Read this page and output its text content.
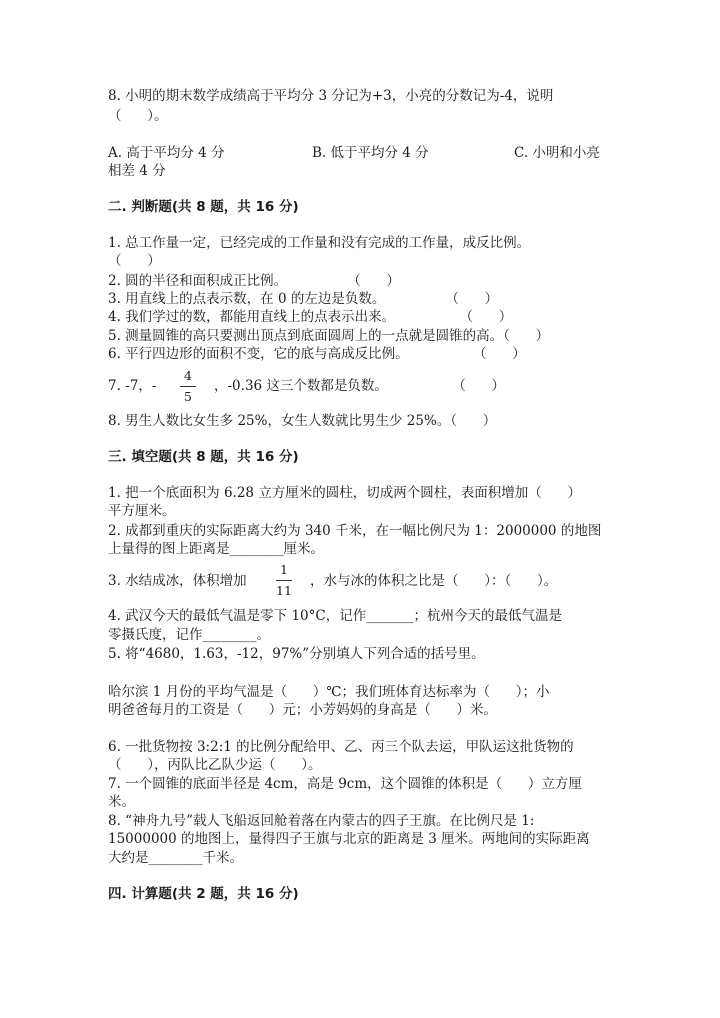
8. 小明的期末数学成绩高于平均分 3 分记为+3，小亮的分数记为-4，说明
（      ）。
A. 高于平均分 4 分	B. 低于平均分 4 分	C. 小明和小亮
相差 4 分
二. 判断题(共 8 题，共 16 分)
1. 总工作量一定，已经完成的工作量和没有完成的工作量，成反比例。
（      ）
2. 圆的半径和面积成正比例。              （      ）
3. 用直线上的点表示数，在 0 的左边是负数。              （      ）
4. 我们学过的数，都能用直线上的点表示出来。               （      ）
5. 测量圆锥的高只要测出顶点到底面圆周上的一点就是圆锥的高。（      ）
6. 平行四边形的面积不变，它的底与高成反比例。               （      ）
7. -7，-
4
5
，-0.36 这三个数都是负数。               （      ）
8. 男生人数比女生多 25%，女生人数就比男生少 25%。（      ）
三. 填空题(共 8 题，共 16 分)
1. 把一个底面积为 6.28 立方厘米的圆柱，切成两个圆柱，表面积增加（      ）
平方厘米。
2. 成都到重庆的实际距离大约为 340 千米，在一幅比例尺为 1：2000000 的地图
上量得的图上距离是________厘米。
3. 水结成冰，体积增加
1
11
，水与冰的体积之比是（      ）：（      ）。
4. 武汉今天的最低气温是零下 10°C，记作_______；杭州今天的最低气温是
零摄氏度，记作________。
5. 将“4680，1.63，-12，97%”分别填人下列合适的括号里。
哈尔滨 1 月份的平均气温是（      ）℃；我们班体育达标率为（      ）；小
明爸爸每月的工资是（      ）元；小芳妈妈的身高是（      ）米。
6. 一批货物按 3:2:1 的比例分配给甲、乙、丙三个队去运，甲队运这批货物的
（      ），丙队比乙队少运（      ）。
7. 一个圆锥的底面半径是 4cm，高是 9cm，这个圆锥的体积是（      ）立方厘
米。
8. “神舟九号”载人飞船返回舱着落在内蒙古的四子王旗。在比例尺是 1:
15000000 的地图上，量得四子王旗与北京的距离是 3 厘米。两地间的实际距离
大约是________千米。
四. 计算题(共 2 题，共 16 分)
